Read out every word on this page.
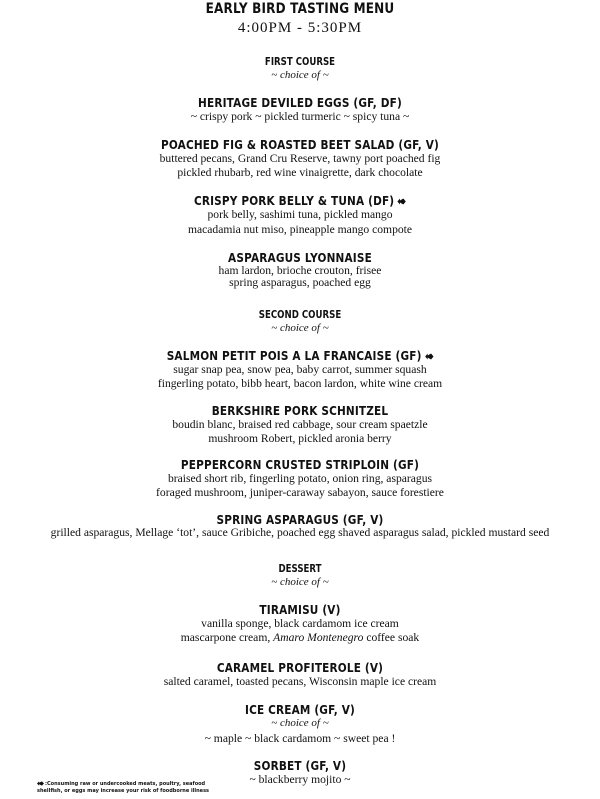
EARLY BIRD TASTING MENU
4:00PM - 5:30PM
FIRST COURSE
~ choice of ~
HERITAGE DEVILED EGGS (GF, DF)
~ crispy pork ~ pickled turmeric ~ spicy tuna ~
POACHED FIG & ROASTED BEET SALAD (GF, V)
buttered pecans, Grand Cru Reserve, tawny port poached fig
pickled rhubarb, red wine vinaigrette, dark chocolate
CRISPY PORK BELLY & TUNA (DF)
pork belly, sashimi tuna, pickled mango
macadamia nut miso, pineapple mango compote
ASPARAGUS LYONNAISE
ham lardon, brioche crouton, frisee
spring asparagus, poached egg
SECOND COURSE
~ choice of ~
SALMON PETIT POIS A LA FRANCAISE (GF)
sugar snap pea, snow pea, baby carrot, summer squash
fingerling potato, bibb heart, bacon lardon, white wine cream
BERKSHIRE PORK SCHNITZEL
boudin blanc, braised red cabbage, sour cream spaetzle
mushroom Robert, pickled aronia berry
PEPPERCORN CRUSTED STRIPLOIN (GF)
braised short rib, fingerling potato, onion ring, asparagus
foraged mushroom, juniper-caraway sabayon, sauce forestiere
SPRING ASPARAGUS (GF, V)
grilled asparagus, Mellage ‘tot’, sauce Gribiche, poached egg shaved asparagus salad, pickled mustard seed
DESSERT
~ choice of ~
TIRAMISU (V)
vanilla sponge, black cardamom ice cream
mascarpone cream, Amaro Montenegro coffee soak
CARAMEL PROFITEROLE (V)
salted caramel, toasted pecans, Wisconsin maple ice cream
ICE CREAM (GF, V)
~ choice of ~
~ maple ~ black cardamom ~ sweet pea !
SORBET (GF, V)
~ blackberry mojito ~
:Consuming raw or undercooked meats, poultry, seafood
shellfish, or eggs may increase your risk of foodborne illness
